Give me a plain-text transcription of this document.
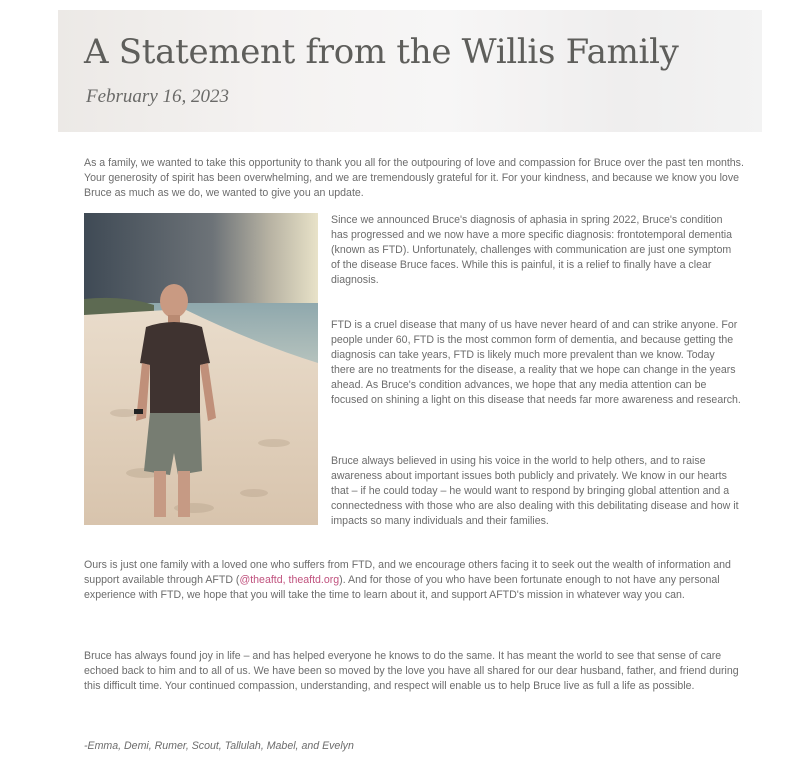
A Statement from the Willis Family
February 16, 2023

As a family, we wanted to take this opportunity to thank you all for the outpouring of love and compassion for Bruce over the past ten months. Your generosity of spirit has been overwhelming, and we are tremendously grateful for it. For your kindness, and because we know you love Bruce as much as we do, we wanted to give you an update.

Since we announced Bruce's diagnosis of aphasia in spring 2022, Bruce's condition has progressed and we now have a more specific diagnosis: frontotemporal dementia (known as FTD). Unfortunately, challenges with communication are just one symptom of the disease Bruce faces. While this is painful, it is a relief to finally have a clear diagnosis.

FTD is a cruel disease that many of us have never heard of and can strike anyone. For people under 60, FTD is the most common form of dementia, and because getting the diagnosis can take years, FTD is likely much more prevalent than we know. Today there are no treatments for the disease, a reality that we hope can change in the years ahead. As Bruce's condition advances, we hope that any media attention can be focused on shining a light on this disease that needs far more awareness and research.

Bruce always believed in using his voice in the world to help others, and to raise awareness about important issues both publicly and privately. We know in our hearts that – if he could today – he would want to respond by bringing global attention and a connectedness with those who are also dealing with this debilitating disease and how it impacts so many individuals and their families.

Ours is just one family with a loved one who suffers from FTD, and we encourage others facing it to seek out the wealth of information and support available through AFTD (@theaftd, theaftd.org). And for those of you who have been fortunate enough to not have any personal experience with FTD, we hope that you will take the time to learn about it, and support AFTD's mission in whatever way you can.

Bruce has always found joy in life – and has helped everyone he knows to do the same. It has meant the world to see that sense of care echoed back to him and to all of us. We have been so moved by the love you have all shared for our dear husband, father, and friend during this difficult time. Your continued compassion, understanding, and respect will enable us to help Bruce live as full a life as possible.

-Emma, Demi, Rumer, Scout, Tallulah, Mabel, and Evelyn
